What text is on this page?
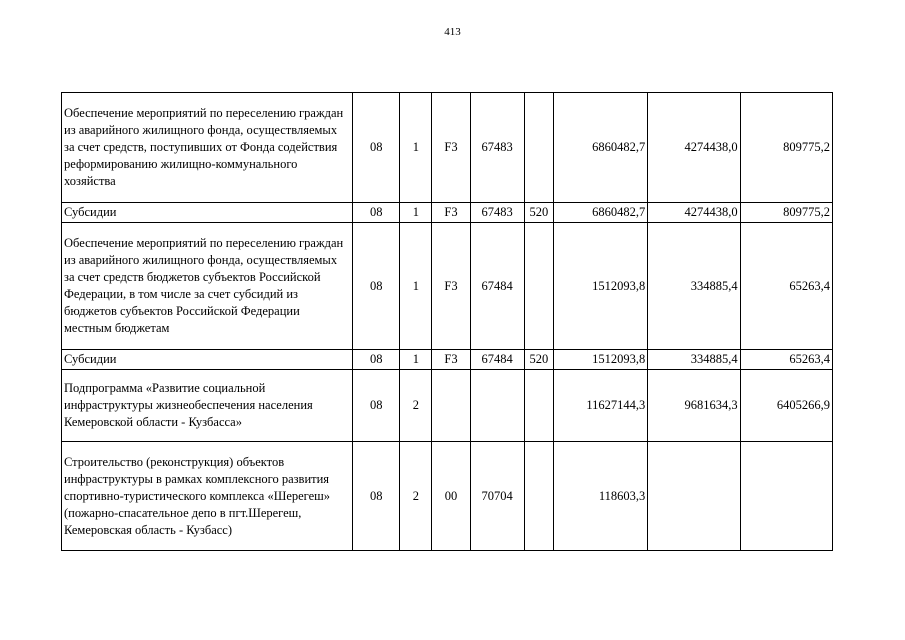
413
Обеспечение мероприятий по переселению граждан из аварийного жилищного фонда, осуществляемых за счет средств, поступивших от Фонда содействия реформированию жилищно-коммунального хозяйства	08	1	F3	67483		6860482,7	4274438,0	809775,2
Субсидии	08	1	F3	67483	520	6860482,7	4274438,0	809775,2
Обеспечение мероприятий по переселению граждан из аварийного жилищного фонда, осуществляемых за счет средств бюджетов субъектов Российской Федерации, в том числе за счет субсидий из бюджетов субъектов Российской Федерации местным бюджетам	08	1	F3	67484		1512093,8	334885,4	65263,4
Субсидии	08	1	F3	67484	520	1512093,8	334885,4	65263,4
Подпрограмма «Развитие социальной инфраструктуры жизнеобеспечения населения Кемеровской области - Кузбасса»	08	2				11627144,3	9681634,3	6405266,9
Строительство (реконструкция) объектов инфраструктуры в рамках комплексного развития спортивно-туристического комплекса «Шерегеш» (пожарно-спасательное депо в пгт.Шерегеш, Кемеровская область - Кузбасс)	08	2	00	70704		118603,3		
